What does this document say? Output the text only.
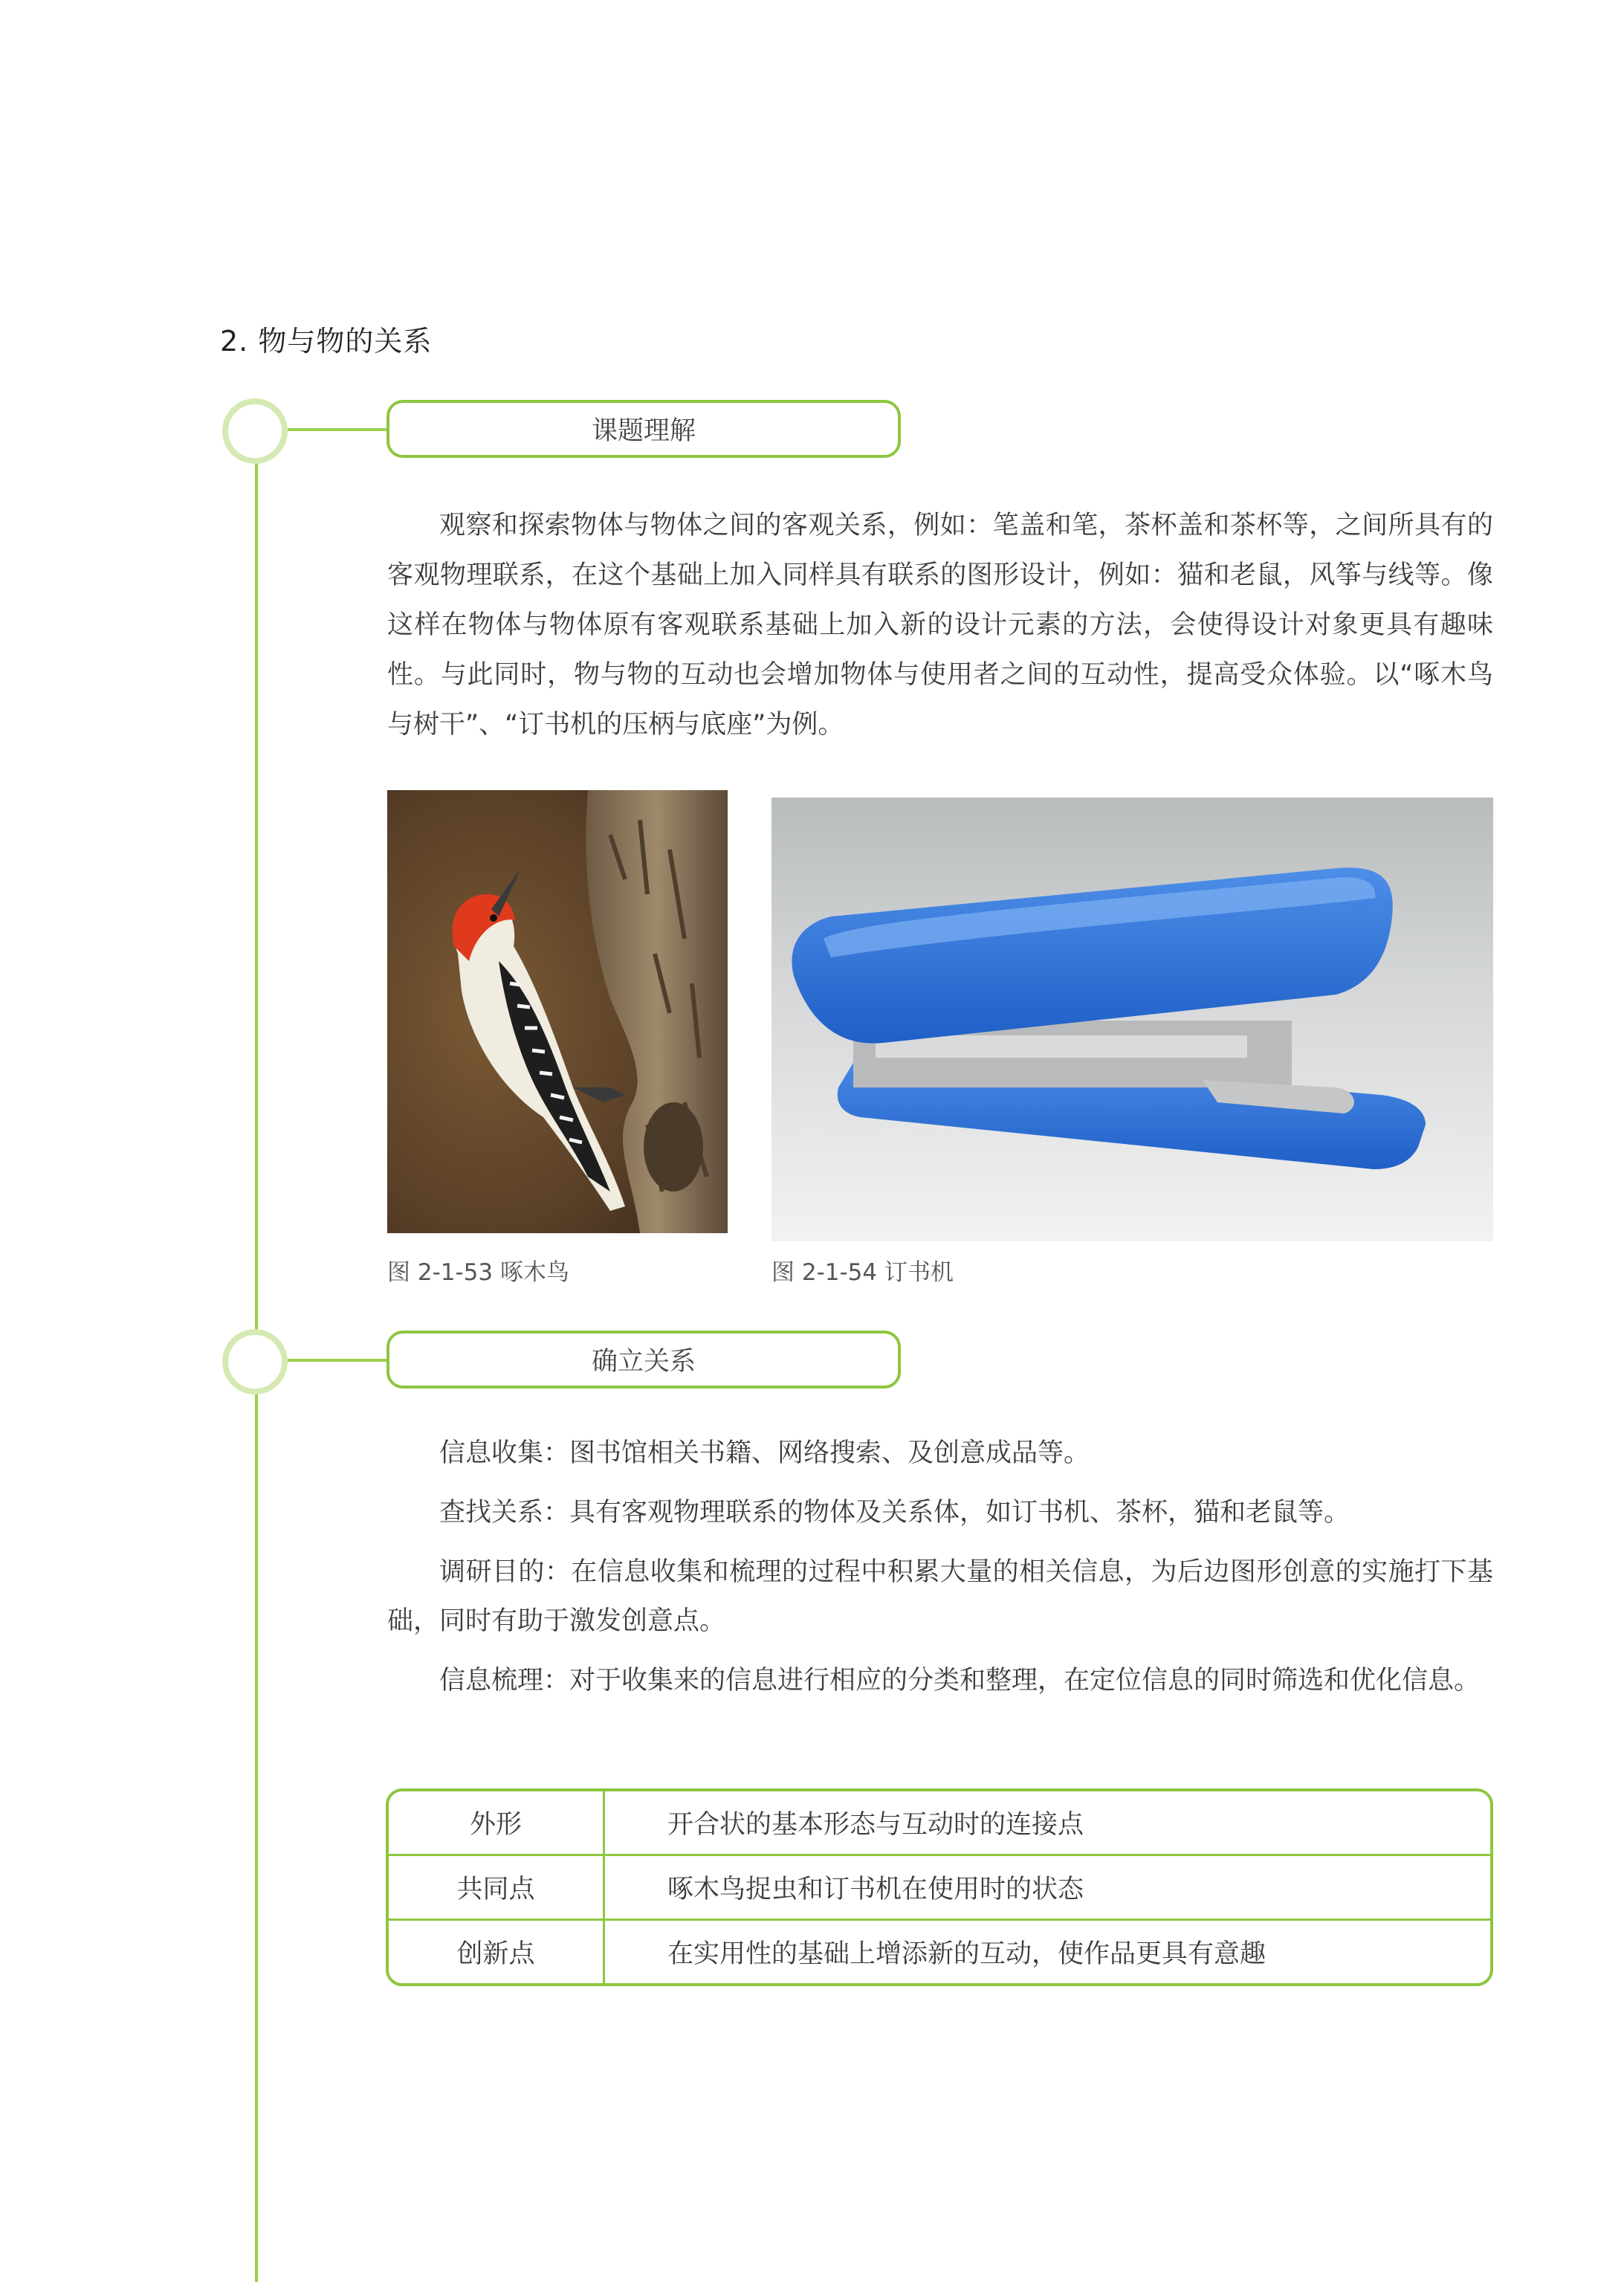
2. 物与物的关系
课题理解

观察和探索物体与物体之间的客观关系，例如：笔盖和笔，茶杯盖和茶杯等，之间所具有的客观物理联系，在这个基础上加入同样具有联系的图形设计，例如：猫和老鼠，风筝与线等。像这样在物体与物体原有客观联系基础上加入新的设计元素的方法，会使得设计对象更具有趣味性。与此同时，物与物的互动也会增加物体与使用者之间的互动性，提高受众体验。以“啄木鸟与树干”、“订书机的压柄与底座”为例。

图 2-1-53 啄木鸟	图 2-1-54 订书机
确立关系

信息收集：图书馆相关书籍、网络搜索、及创意成品等。

查找关系：具有客观物理联系的物体及关系体，如订书机、茶杯，猫和老鼠等。

调研目的：在信息收集和梳理的过程中积累大量的相关信息，为后边图形创意的实施打下基础，同时有助于激发创意点。

信息梳理：对于收集来的信息进行相应的分类和整理，在定位信息的同时筛选和优化信息。

外形	开合状的基本形态与互动时的连接点
共同点	啄木鸟捉虫和订书机在使用时的状态
创新点	在实用性的基础上增添新的互动，使作品更具有意趣
